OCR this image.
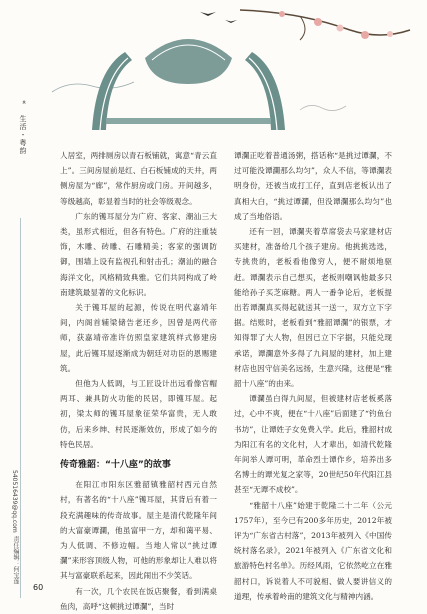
«
生活・粤韵
540516439@qq.com
责任编辑：何宝莲

人居室，两排厕房以青石板铺就，寓意“青云直上”。三间房屋前是红、白石板铺成的天井，两侧房屋为“廊”，常作厨房或门房。开间越多，等级越高，彰显着当时的社会等级观念。

广东的镬耳屋分为广府、客家、潮汕三大类，虽形式相近，但各有特色。广府的注重装饰，木雕、砖雕、石雕精美；客家的强调防御，围墙上设有监视孔和射击孔；潮汕的融合海洋文化，风格精致典雅。它们共同构成了岭南建筑最显著的文化标识。

关于镬耳屋的起源，传说在明代嘉靖年间，内阁首辅梁储告老还乡，因曾是两代帝师，获嘉靖帝准许仿照皇家建筑样式修建房屋，此后镬耳屋逐渐成为朝廷对功臣的恩赐建筑。

但他为人低调，与工匠设计出远看像官帽两耳、兼具防火功能的民居，即镬耳屋。起初，梁太师的镬耳屋象征荣华富贵，无人敢仿，后来乡绅、村民逐渐效仿，形成了如今的特色民居。

传奇雅韶：“十八座”的故事

在阳江市阳东区雅韶镇雅韶村西元自然村，有著名的“十八座”镬耳屋，其背后有着一段充满趣味的传奇故事。屋主是清代乾隆年间的大富豪谭瀾，他虽富甲一方，却和蔼平易、为人低调、不修边幅。当地人常以“挑过谭瀾”来形容顶级人物，可他的形象却让人难以将其与富豪联系起来，因此闹出不少笑话。

有一次，几个农民在饭店聚餐，看到满桌鱼肉，高呼“这顿挑过谭瀾”，当时

谭瀾正吃着普通汤粥，搭话称“是挑过谭瀾，不过可能没谭瀾那么均匀”，众人不信，等谭瀾表明身份，还被当成打工仔，直到店老板认出了真相大白，“挑过谭瀾，但没谭瀾那么均匀”也成了当地俗语。

还有一回，谭瀾夹着草席袋去马家建材店买建材，准备给几个孩子建房。他挑挑选选，专挑贵的，老板看他像穷人，便不耐烦地驱赶。谭瀾表示自己想买，老板则嘲讽他最多只能给孙子买芝麻糖。两人一番争论后，老板提出若谭瀾真买得起就送其一送一，双方立下字据。结账时，老板看到“雅韶谭瀾”的银票，才知得罪了大人物，但因已立下字据，只能兑现承诺，谭瀾意外多得了九间屋的建材，加上建材店也因守信美名远扬，生意兴隆，这便是“雅韶十八座”的由来。

谭瀾虽白得九间屋，但被建材店老板奚落过，心中不爽，便在“十八座”后面建了“钓鱼台书坊”，让谭姓子女免费入学。此后，雅韶村成为阳江有名的文化村，人才辈出，如清代乾隆年间举人谭可明，革命烈士谭作乡，培养出多名博士的谭光复之家等，20世纪50年代阳江县甚至“无谭不成校”。

“雅韶十八座”始建于乾隆二十二年（公元1757年），至今已有200多年历史，2012年被评为“广东省古村落”，2013年被列入《中国传统村落名录》，2021年被列入《广东省文化和旅游特色村名单》。历经风雨，它依然屹立在雅韶村口，诉说着人不可貌相、做人要讲信义的道理，传承着岭南的建筑文化与精神内涵。

60
